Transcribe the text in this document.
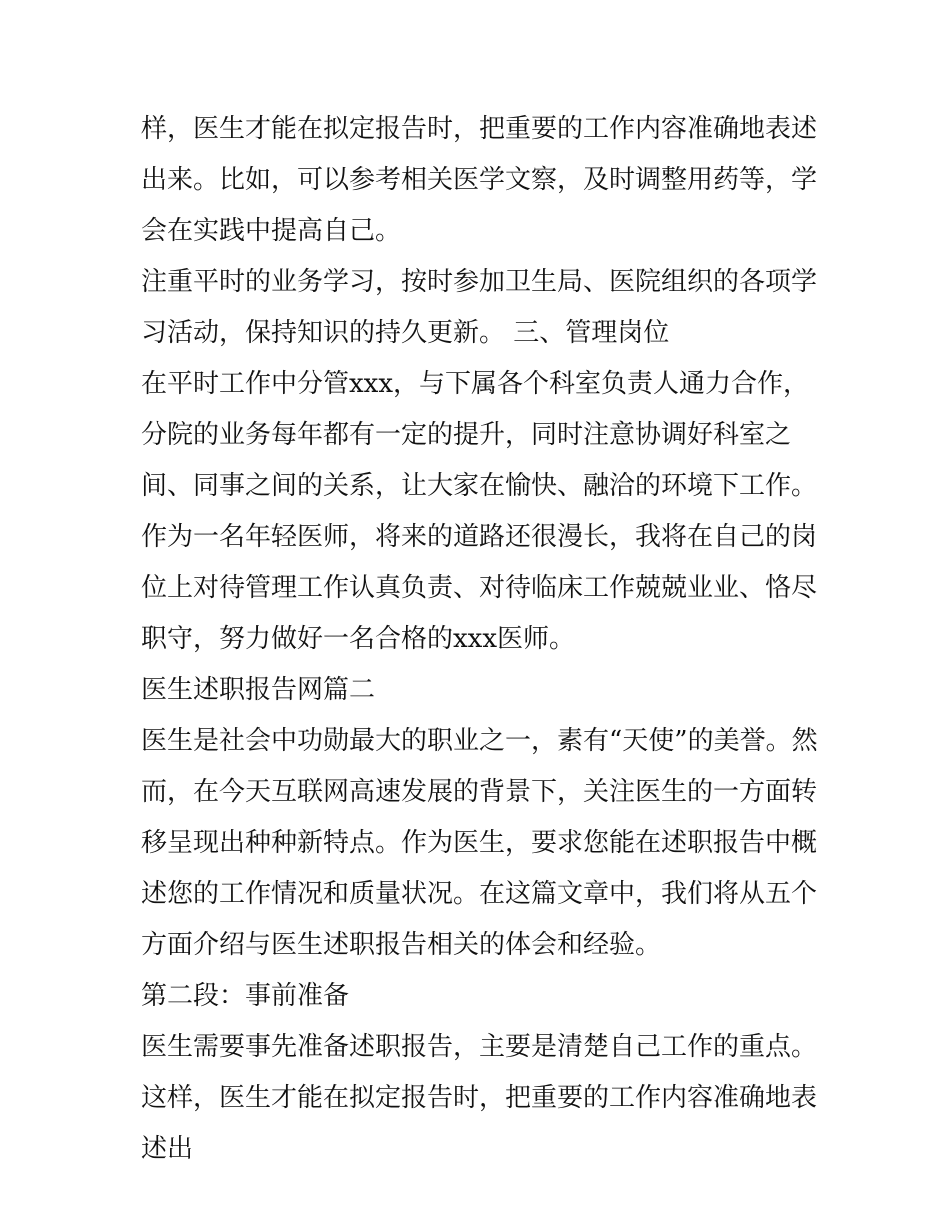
样，医生才能在拟定报告时，把重要的工作内容准确地表述出来。比如，可以参考相关医学文察，及时调整用药等，学会在实践中提高自己。

注重平时的业务学习，按时参加卫生局、医院组织的各项学习活动，保持知识的持久更新。 三、管理岗位

在平时工作中分管xxx，与下属各个科室负责人通力合作，分院的业务每年都有一定的提升，同时注意协调好科室之间、同事之间的关系，让大家在愉快、融洽的环境下工作。

作为一名年轻医师，将来的道路还很漫长，我将在自己的岗位上对待管理工作认真负责、对待临床工作兢兢业业、恪尽职守，努力做好一名合格的xxx医师。

医生述职报告网篇二

医生是社会中功勋最大的职业之一，素有“天使”的美誉。然而，在今天互联网高速发展的背景下，关注医生的一方面转移呈现出种种新特点。作为医生，要求您能在述职报告中概述您的工作情况和质量状况。在这篇文章中，我们将从五个方面介绍与医生述职报告相关的体会和经验。

第二段：事前准备

医生需要事先准备述职报告，主要是清楚自己工作的重点。这样，医生才能在拟定报告时，把重要的工作内容准确地表述出
